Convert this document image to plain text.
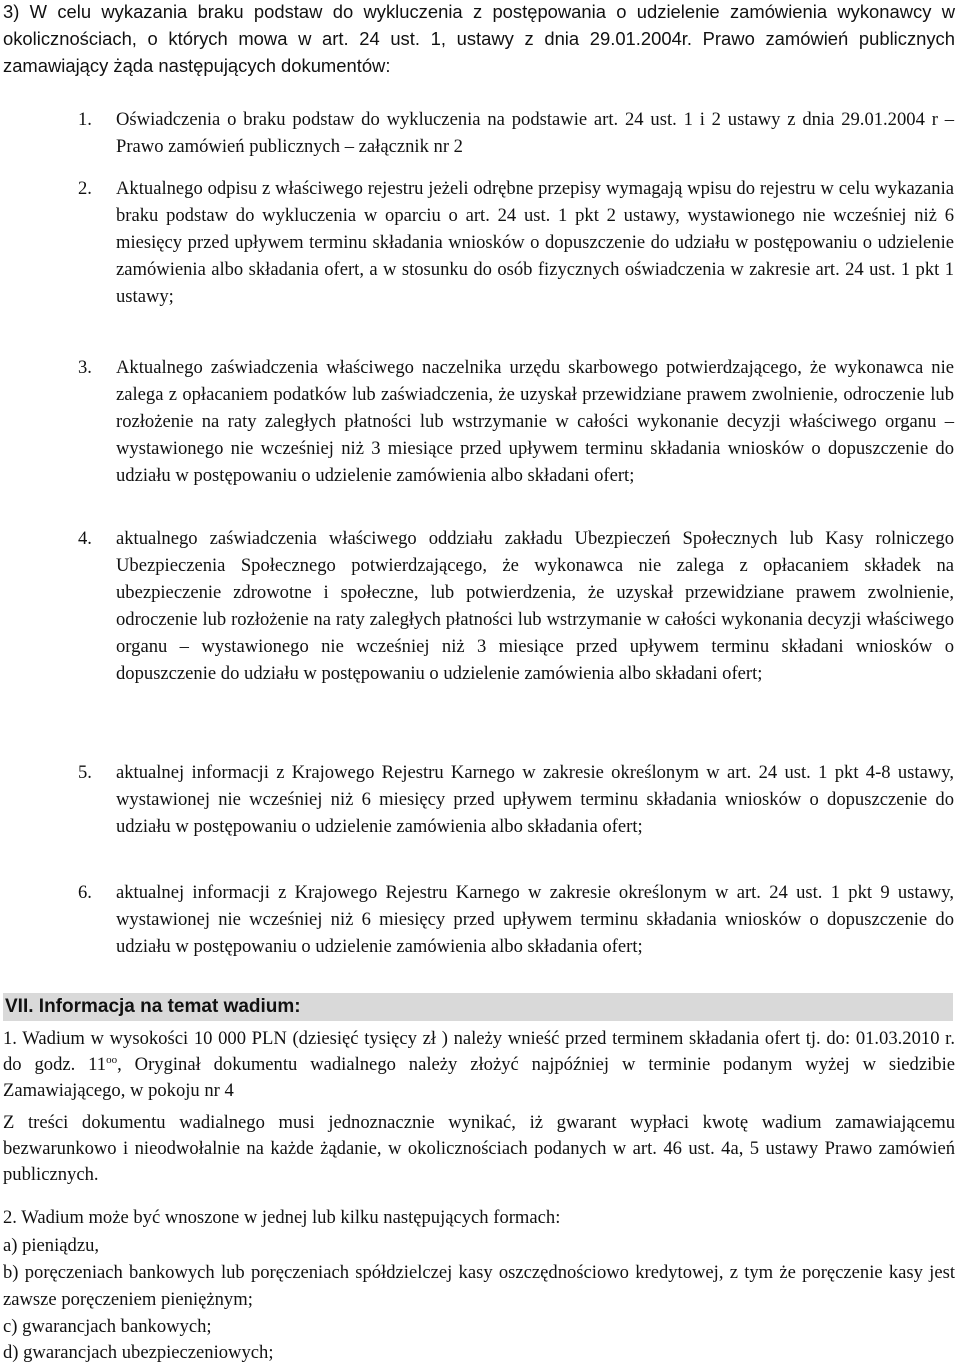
3) W celu wykazania braku podstaw do wykluczenia z postępowania o udzielenie zamówienia wykonawcy w okolicznościach, o których mowa w art. 24 ust. 1, ustawy z dnia 29.01.2004r. Prawo zamówień publicznych zamawiający żąda następujących dokumentów:

1. Oświadczenia o braku podstaw do wykluczenia na podstawie art. 24 ust. 1 i 2 ustawy z dnia 29.01.2004 r – Prawo zamówień publicznych – załącznik nr 2
2. Aktualnego odpisu z właściwego rejestru jeżeli odrębne przepisy wymagają wpisu do rejestru w celu wykazania braku podstaw do wykluczenia w oparciu o art. 24 ust. 1 pkt 2 ustawy, wystawionego nie wcześniej niż 6 miesięcy przed upływem terminu składania wniosków o dopuszczenie do udziału w postępowaniu o udzielenie zamówienia albo składania ofert, a w stosunku do osób fizycznych oświadczenia w zakresie art. 24 ust. 1 pkt 1 ustawy;
3. Aktualnego zaświadczenia właściwego naczelnika urzędu skarbowego potwierdzającego, że wykonawca nie zalega z opłacaniem podatków lub zaświadczenia, że uzyskał przewidziane prawem zwolnienie, odroczenie lub rozłożenie na raty zaległych płatności lub wstrzymanie w całości wykonanie decyzji właściwego organu – wystawionego nie wcześniej niż 3 miesiące przed upływem terminu składania wniosków o dopuszczenie do udziału w postępowaniu o udzielenie zamówienia albo składani ofert;
4. aktualnego zaświadczenia właściwego oddziału zakładu Ubezpieczeń Społecznych lub Kasy rolniczego Ubezpieczenia Społecznego potwierdzającego, że wykonawca nie zalega z opłacaniem składek na ubezpieczenie zdrowotne i społeczne, lub potwierdzenia, że uzyskał przewidziane prawem zwolnienie, odroczenie lub rozłożenie na raty zaległych płatności lub wstrzymanie w całości wykonania decyzji właściwego organu – wystawionego nie wcześniej niż 3 miesiące przed upływem terminu składani wniosków o dopuszczenie do udziału w postępowaniu o udzielenie zamówienia albo składani ofert;
5. aktualnej informacji z Krajowego Rejestru Karnego w zakresie określonym w art. 24 ust. 1 pkt 4-8 ustawy, wystawionej nie wcześniej niż 6 miesięcy przed upływem terminu składania wniosków o dopuszczenie do udziału w postępowaniu o udzielenie zamówienia albo składania ofert;
6. aktualnej informacji z Krajowego Rejestru Karnego w zakresie określonym w art. 24 ust. 1 pkt 9 ustawy, wystawionej nie wcześniej niż 6 miesięcy przed upływem terminu składania wniosków o dopuszczenie do udziału w postępowaniu o udzielenie zamówienia albo składania ofert;
VII. Informacja na temat wadium:

1. Wadium w wysokości 10 000 PLN (dziesięć tysięcy zł ) należy wnieść przed terminem składania ofert tj. do: 01.03.2010 r. do godz. $11^{oo}$, Oryginał dokumentu wadialnego należy złożyć najpóźniej w terminie podanym wyżej w siedzibie Zamawiającego, w pokoju nr 4

Z treści dokumentu wadialnego musi jednoznacznie wynikać, iż gwarant wypłaci kwotę wadium zamawiającemu bezwarunkowo i nieodwołalnie na każde żądanie, w okolicznościach podanych w art. 46 ust. 4a, 5 ustawy Prawo zamówień publicznych.

2. Wadium może być wnoszone w jednej lub kilku następujących formach:

a) pieniądzu,

b) poręczeniach bankowych lub poręczeniach spółdzielczej kasy oszczędnościowo kredytowej, z tym że poręczenie kasy jest zawsze poręczeniem pieniężnym;

c) gwarancjach bankowych;

d) gwarancjach ubezpieczeniowych;
